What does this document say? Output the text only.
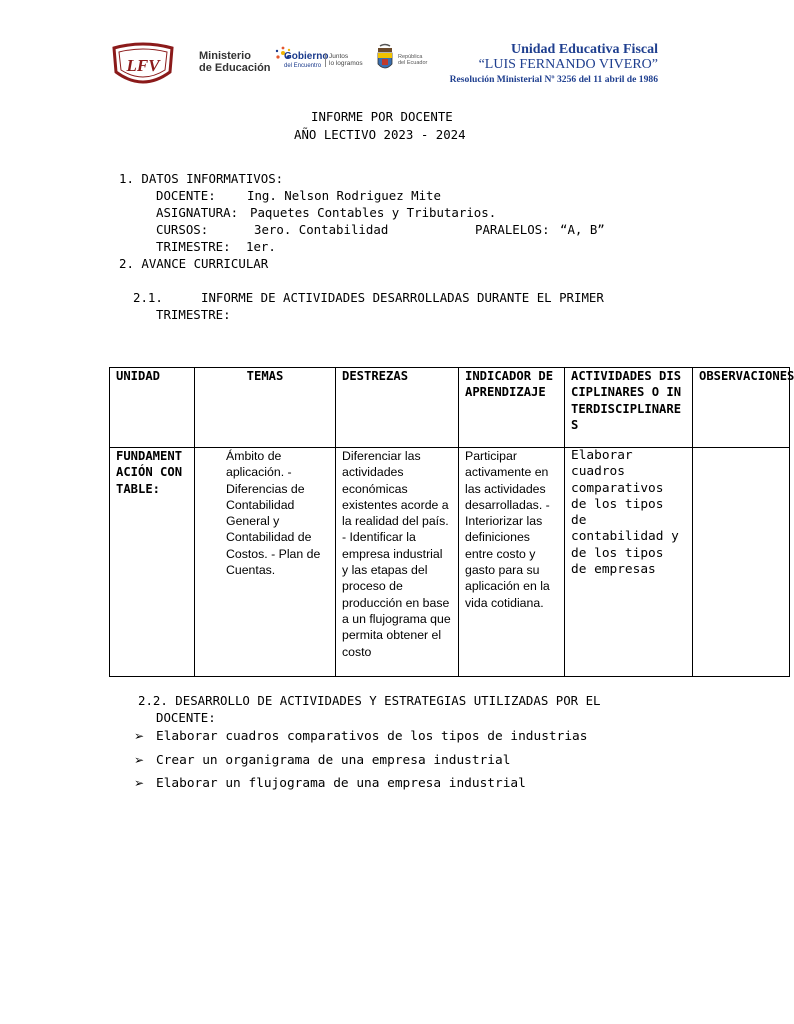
LFV	Ministerio
de Educación
Gobierno
del Encuentro
Juntos
lo logramos
República
del Ecuador
Unidad Educativa Fiscal
“LUIS FERNANDO VIVERO”
Resolución Ministerial Nº 3256 del 11 abril de 1986
INFORME POR DOCENTE
AÑO LECTIVO 2023 - 2024
1. DATOS INFORMATIVOS:
DOCENTE:	Ing. Nelson Rodriguez Mite
ASIGNATURA: Paquetes Contables y Tributarios.
CURSOS:	3ero. Contabilidad	PARALELOS: “A, B”
TRIMESTRE: 1er.
2. AVANCE CURRICULAR
2.1.	INFORME DE ACTIVIDADES DESARROLLADAS DURANTE EL PRIMER
TRIMESTRE:
UNIDAD	TEMAS	DESTREZAS	INDICADOR DE APRENDIZAJE	ACTIVIDADES DISCIPLINARES O INTERDISCIPLINARES	OBSERVACIONES
FUNDAMENTACIÓN CONTABLE:	Ámbito de aplicación. - Diferencias de Contabilidad General y Contabilidad de Costos. - Plan de Cuentas.	Diferenciar las actividades económicas existentes acorde a la realidad del país. - Identificar la empresa industrial y las etapas del proceso de producción en base a un flujograma que permita obtener el costo	Participar activamente en las actividades desarrolladas. - Interiorizar las definiciones entre costo y gasto para su aplicación en la vida cotidiana.	Elaborar cuadros comparativos de los tipos de contabilidad y de los tipos de empresas	
2.2. DESARROLLO DE ACTIVIDADES Y ESTRATEGIAS UTILIZADAS POR EL
DOCENTE:
➢ Elaborar cuadros comparativos de los tipos de industrias
➢ Crear un organigrama de una empresa industrial
➢ Elaborar un flujograma de una empresa industrial
